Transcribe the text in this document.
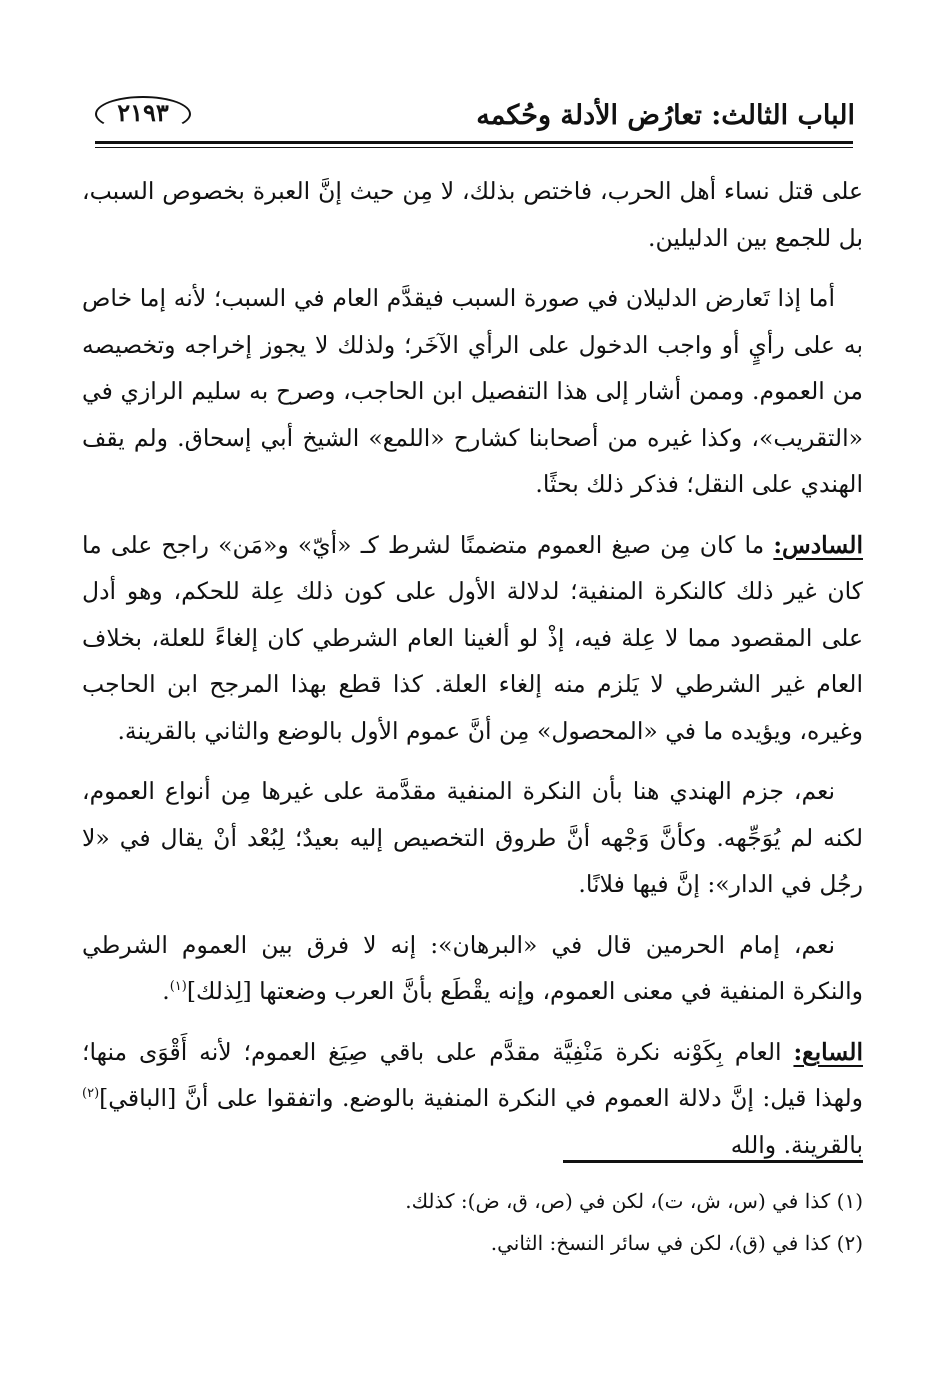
الباب الثالث: تعارُض الأدلة وحُكمه
٢١٩٣

على قتل نساء أهل الحرب، فاختص بذلك، لا مِن حيث إنَّ العبرة بخصوص السبب، بل للجمع بين الدليلين.

أما إذا تَعارض الدليلان في صورة السبب فيقدَّم العام في السبب؛ لأنه إما خاص به على رأيٍ أو واجب الدخول على الرأي الآخَر؛ ولذلك لا يجوز إخراجه وتخصيصه من العموم. وممن أشار إلى هذا التفصيل ابن الحاجب، وصرح به سليم الرازي في «التقريب»، وكذا غيره من أصحابنا كشارح «اللمع» الشيخ أبي إسحاق. ولم يقف الهندي على النقل؛ فذكر ذلك بحثًا.

السادس: ما كان مِن صيغ العموم متضمنًا لشرط كـ «أيّ» و«مَن» راجح على ما كان غير ذلك كالنكرة المنفية؛ لدلالة الأول على كون ذلك عِلة للحكم، وهو أدل على المقصود مما لا عِلة فيه، إذْ لو ألغينا العام الشرطي كان إلغاءً للعلة، بخلاف العام غير الشرطي لا يَلزم منه إلغاء العلة. كذا قطع بهذا المرجح ابن الحاجب وغيره، ويؤيده ما في «المحصول» مِن أنَّ عموم الأول بالوضع والثاني بالقرينة.

نعم، جزم الهندي هنا بأن النكرة المنفية مقدَّمة على غيرها مِن أنواع العموم، لكنه لم يُوَجِّهه. وكأنَّ وَجْهه أنَّ طروق التخصيص إليه بعيدٌ؛ لِبُعْد أنْ يقال في «لا رجُل في الدار»: إنَّ فيها فلانًا.

نعم، إمام الحرمين قال في «البرهان»: إنه لا فرق بين العموم الشرطي والنكرة المنفية في معنى العموم، وإنه يقْطَع بأنَّ العرب وضعتها [لِذلك]$^{(١)}$.

السابع: العام بِكَوْنه نكرة مَنْفِيَّة مقدَّم على باقي صِيَغ العموم؛ لأنه أَقْوَى منها؛ ولهذا قيل: إنَّ دلالة العموم في النكرة المنفية بالوضع. واتفقوا على أنَّ [الباقي]$^{(٢)}$ بالقرينة. والله

(١) كذا في (س، ش، ت)، لكن في (ص، ق، ض): كذلك.
(٢) كذا في (ق)، لكن في سائر النسخ: الثاني.
